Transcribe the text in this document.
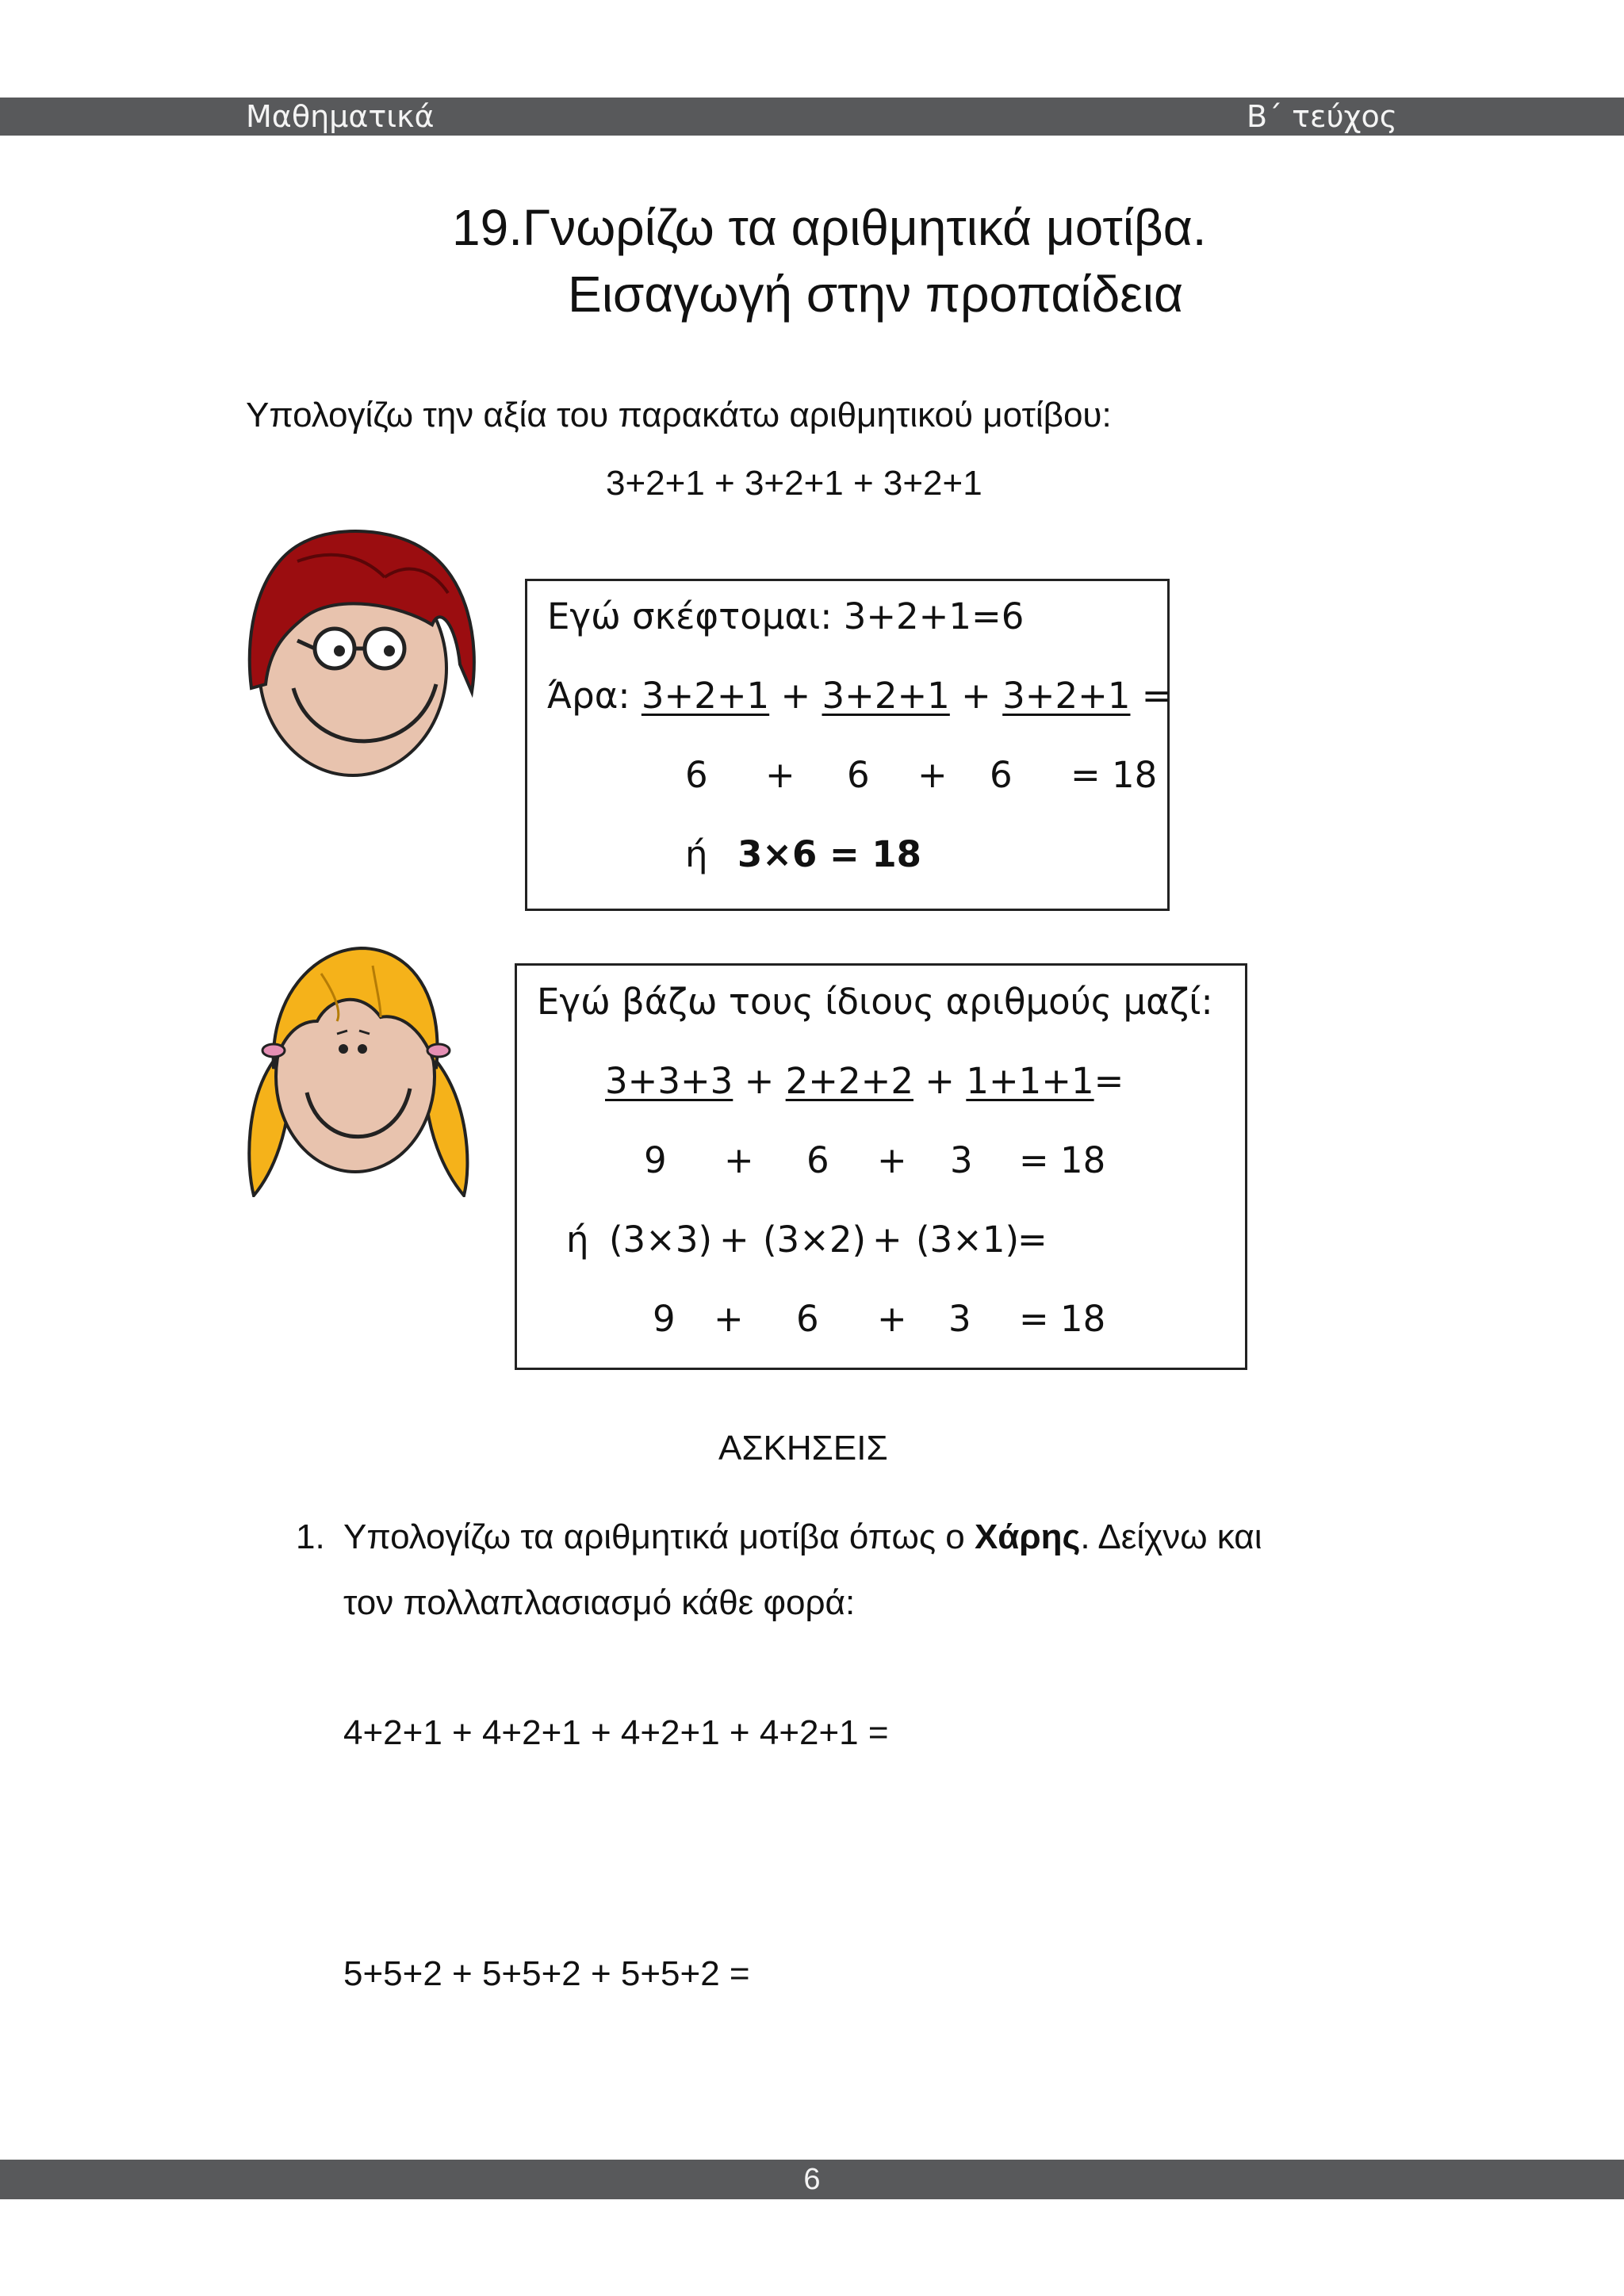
Μαθηματικά	Β΄ τεύχος
19.Γνωρίζω τα αριθμητικά μοτίβα.
Εισαγωγή στην προπαίδεια
Υπολογίζω την αξία του παρακάτω αριθμητικού μοτίβου:
3+2+1 + 3+2+1 + 3+2+1
Εγώ σκέφτομαι: 3+2+1=6
Άρα: 3+2+1 + 3+2+1 + 3+2+1 =
6 + 6 + 6 = 18
ή 3×6 = 18
Εγώ βάζω τους ίδιους αριθμούς μαζί:
3+3+3 + 2+2+2 + 1+1+1=
9 + 6 + 3 = 18
ή (3×3) + (3×2) + (3×1)
=
9 + 6 + 3 = 18
ΑΣΚΗΣΕΙΣ
1. Υπολογίζω τα αριθμητικά μοτίβα όπως ο Χάρης. Δείχνω και
τον πολλαπλασιασμό κάθε φορά:
4+2+1 + 4+2+1 + 4+2+1 + 4+2+1 =
5+5+2 + 5+5+2 + 5+5+2 =
6
